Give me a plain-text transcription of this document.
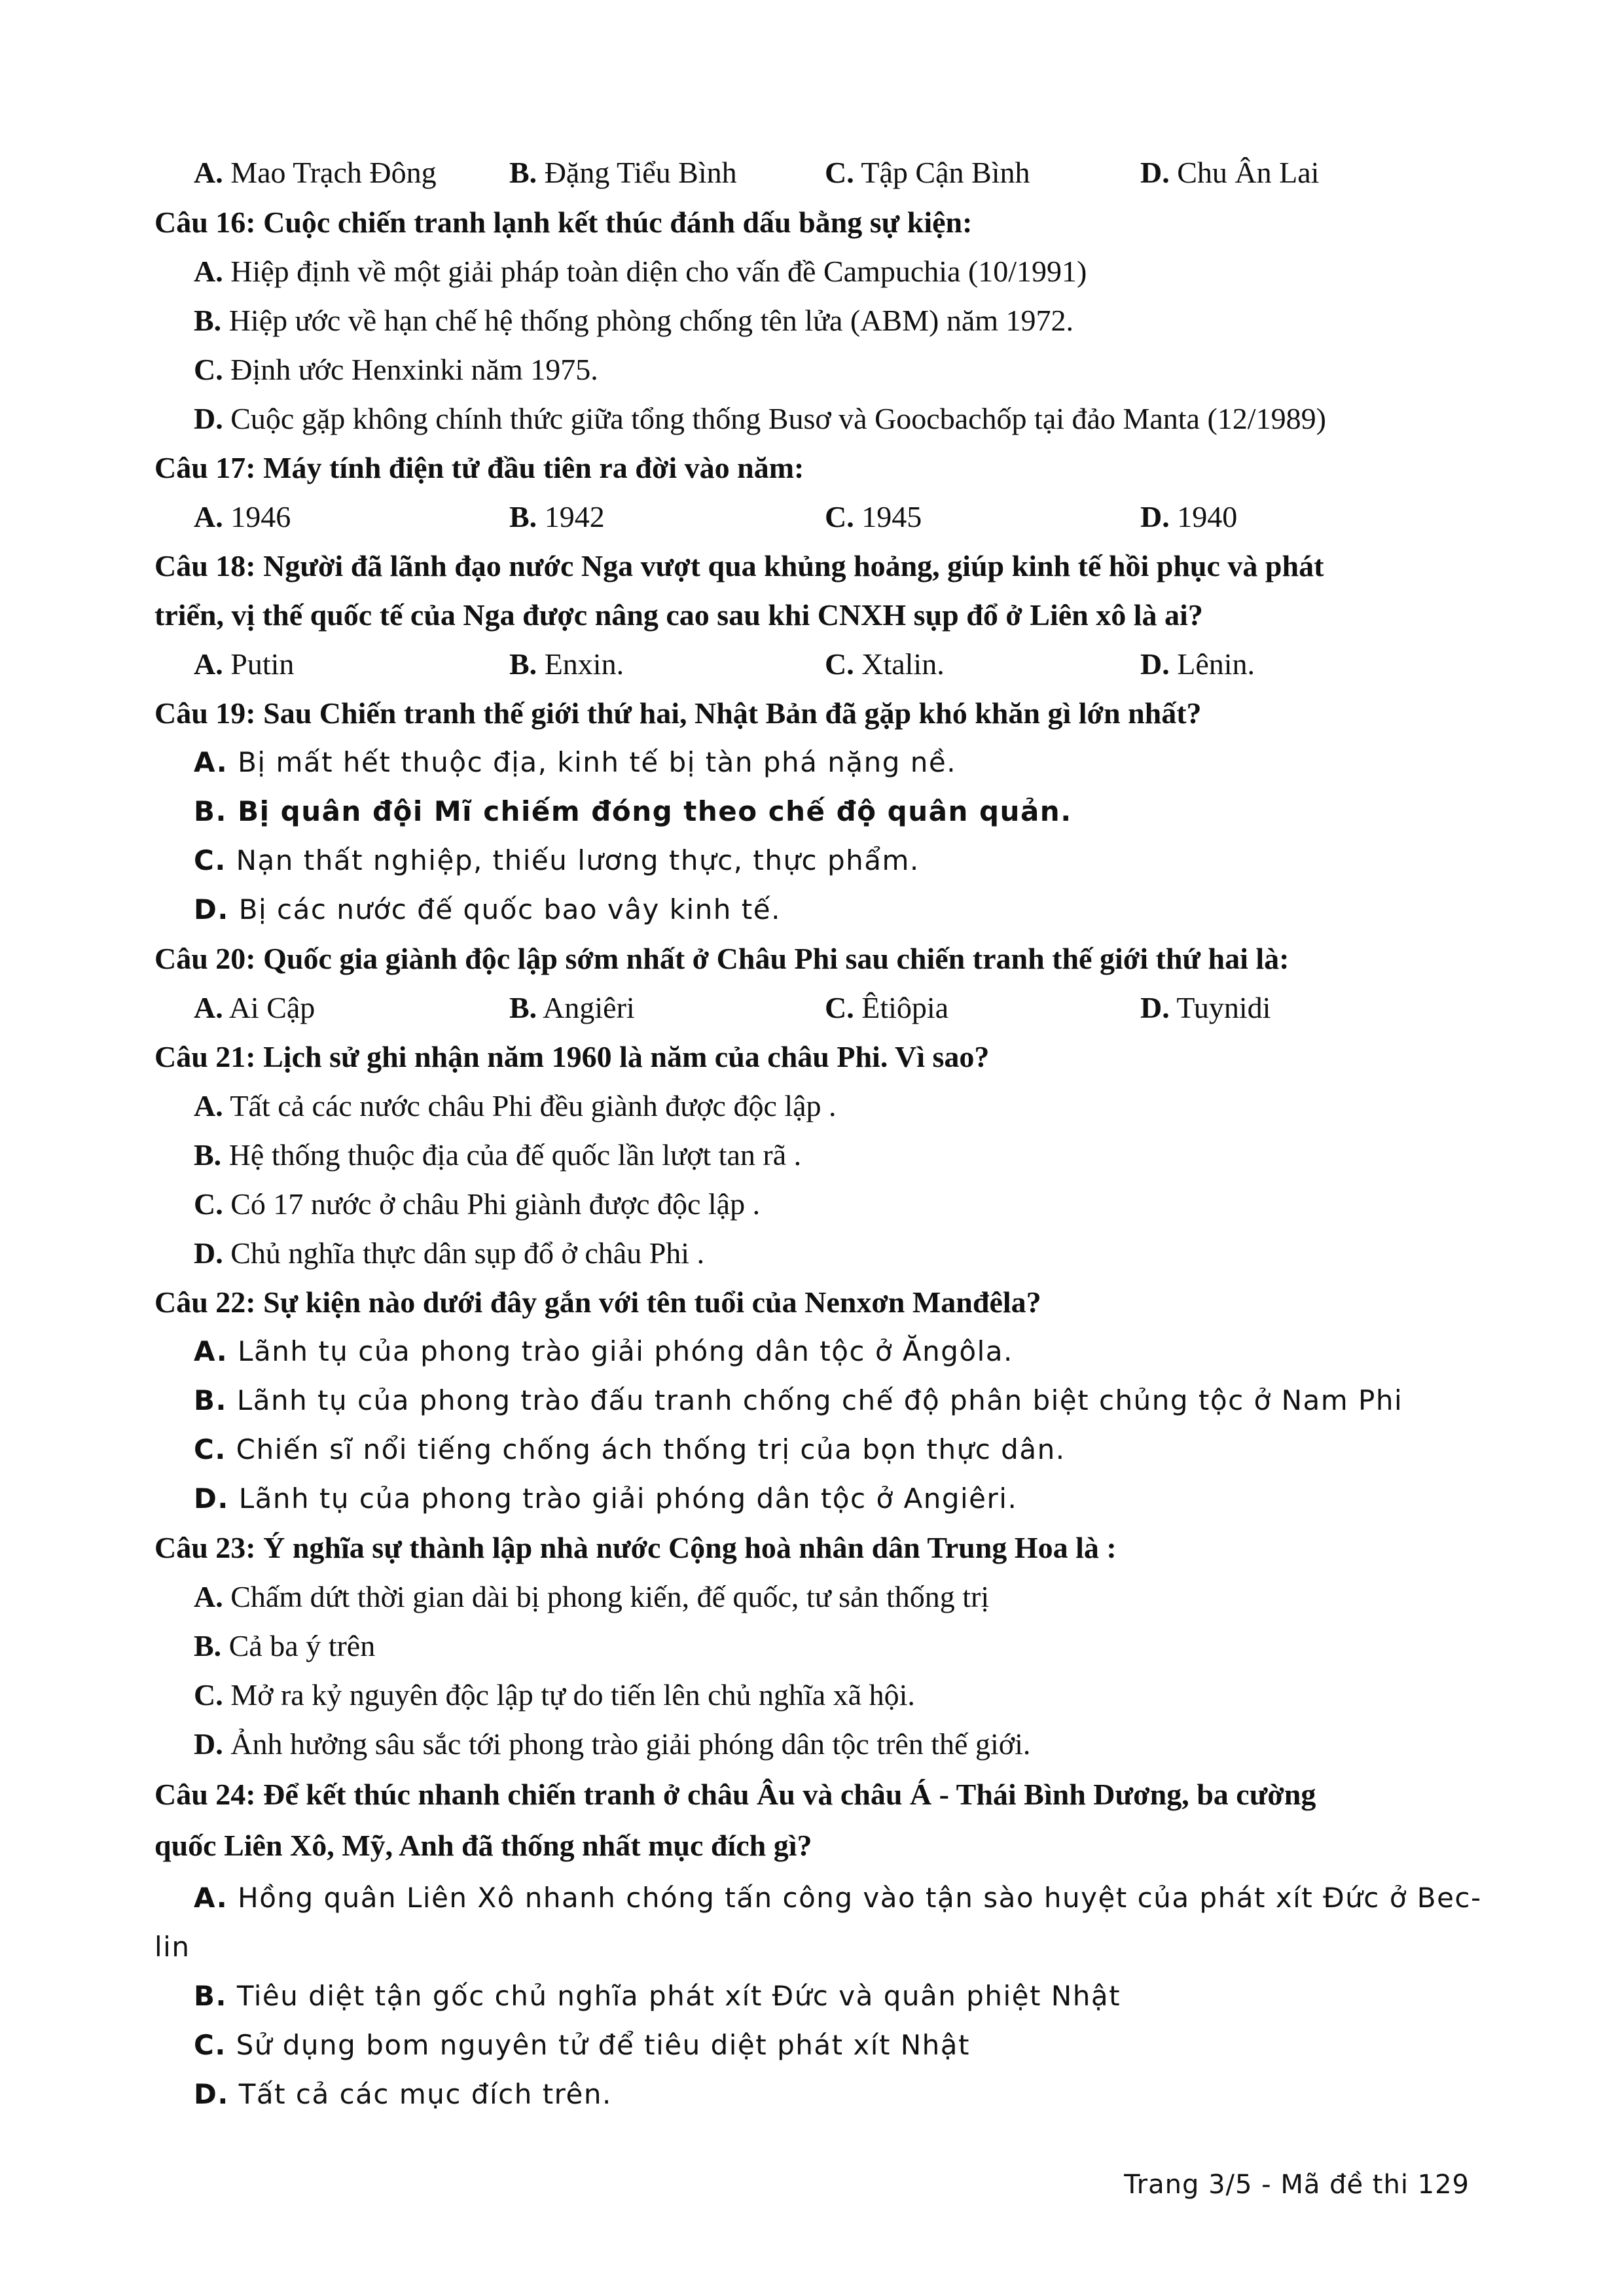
A. Mao Trạch Đông B. Đặng Tiểu Bình	C. Tập Cận Bình	D. Chu Ân Lai
Câu 16: Cuộc chiến tranh lạnh kết thúc đánh dấu bằng sự kiện:
A. Hiệp định về một giải pháp toàn diện cho vấn đề Campuchia (10/1991)
B. Hiệp ước về hạn chế hệ thống phòng chống tên lửa (ABM) năm 1972.
C. Định ước Henxinki năm 1975.
D. Cuộc gặp không chính thức giữa tổng thống Busơ và Goocbachốp tại đảo Manta (12/1989)
Câu 17: Máy tính điện tử đầu tiên ra đời vào năm:
A. 1946	B. 1942	C. 1945	D. 1940
Câu 18: Người đã lãnh đạo nước Nga vượt qua khủng hoảng, giúp kinh tế hồi phục và phát
triển, vị thế quốc tế của Nga được nâng cao sau khi CNXH sụp đổ ở Liên xô là ai?
A. Putin	B. Enxin.	C. Xtalin.	D. Lênin.
Câu 19: Sau Chiến tranh thế giới thứ hai, Nhật Bản đã gặp khó khăn gì lớn nhất?
A. Bị mất hết thuộc địa, kinh tế bị tàn phá nặng nề.
B. Bị quân đội Mĩ chiếm đóng theo chế độ quân quản.
C. Nạn thất nghiệp, thiếu lương thực, thực phẩm.
D. Bị các nước đế quốc bao vây kinh tế.
Câu 20: Quốc gia giành độc lập sớm nhất ở Châu Phi sau chiến tranh thế giới thứ hai là:
A. Ai Cập	B. Angiêri	C. Êtiôpia	D. Tuynidi
Câu 21: Lịch sử ghi nhận năm 1960 là năm của châu Phi. Vì sao?
A. Tất cả các nước châu Phi đều giành được độc lập .
B. Hệ thống thuộc địa của đế quốc lần lượt tan rã .
C. Có 17 nước ở châu Phi giành được độc lập .
D. Chủ nghĩa thực dân sụp đổ ở châu Phi .
Câu 22: Sự kiện nào dưới đây gắn với tên tuổi của Nenxơn Manđêla?
A. Lãnh tụ của phong trào giải phóng dân tộc ở Ăngôla.
B. Lãnh tụ của phong trào đấu tranh chống chế độ phân biệt chủng tộc ở Nam Phi
C. Chiến sĩ nổi tiếng chống ách thống trị của bọn thực dân.
D. Lãnh tụ của phong trào giải phóng dân tộc ở Angiêri.
Câu 23: Ý nghĩa sự thành lập nhà nước Cộng hoà nhân dân Trung Hoa là :
A. Chấm dứt thời gian dài bị phong kiến, đế quốc, tư sản thống trị
B. Cả ba ý trên
C. Mở ra kỷ nguyên độc lập tự do tiến lên chủ nghĩa xã hội.
D. Ảnh hưởng sâu sắc tới phong trào giải phóng dân tộc trên thế giới.
Câu 24: Để kết thúc nhanh chiến tranh ở châu Âu và châu Á - Thái Bình Dương, ba cường
quốc Liên Xô, Mỹ, Anh đã thống nhất mục đích gì?
A. Hồng quân Liên Xô nhanh chóng tấn công vào tận sào huyệt của phát xít Đức ở Bec-
lin
B. Tiêu diệt tận gốc chủ nghĩa phát xít Đức và quân phiệt Nhật
C. Sử dụng bom nguyên tử để tiêu diệt phát xít Nhật
D. Tất cả các mục đích trên.
Trang 3/5 - Mã đề thi 129
